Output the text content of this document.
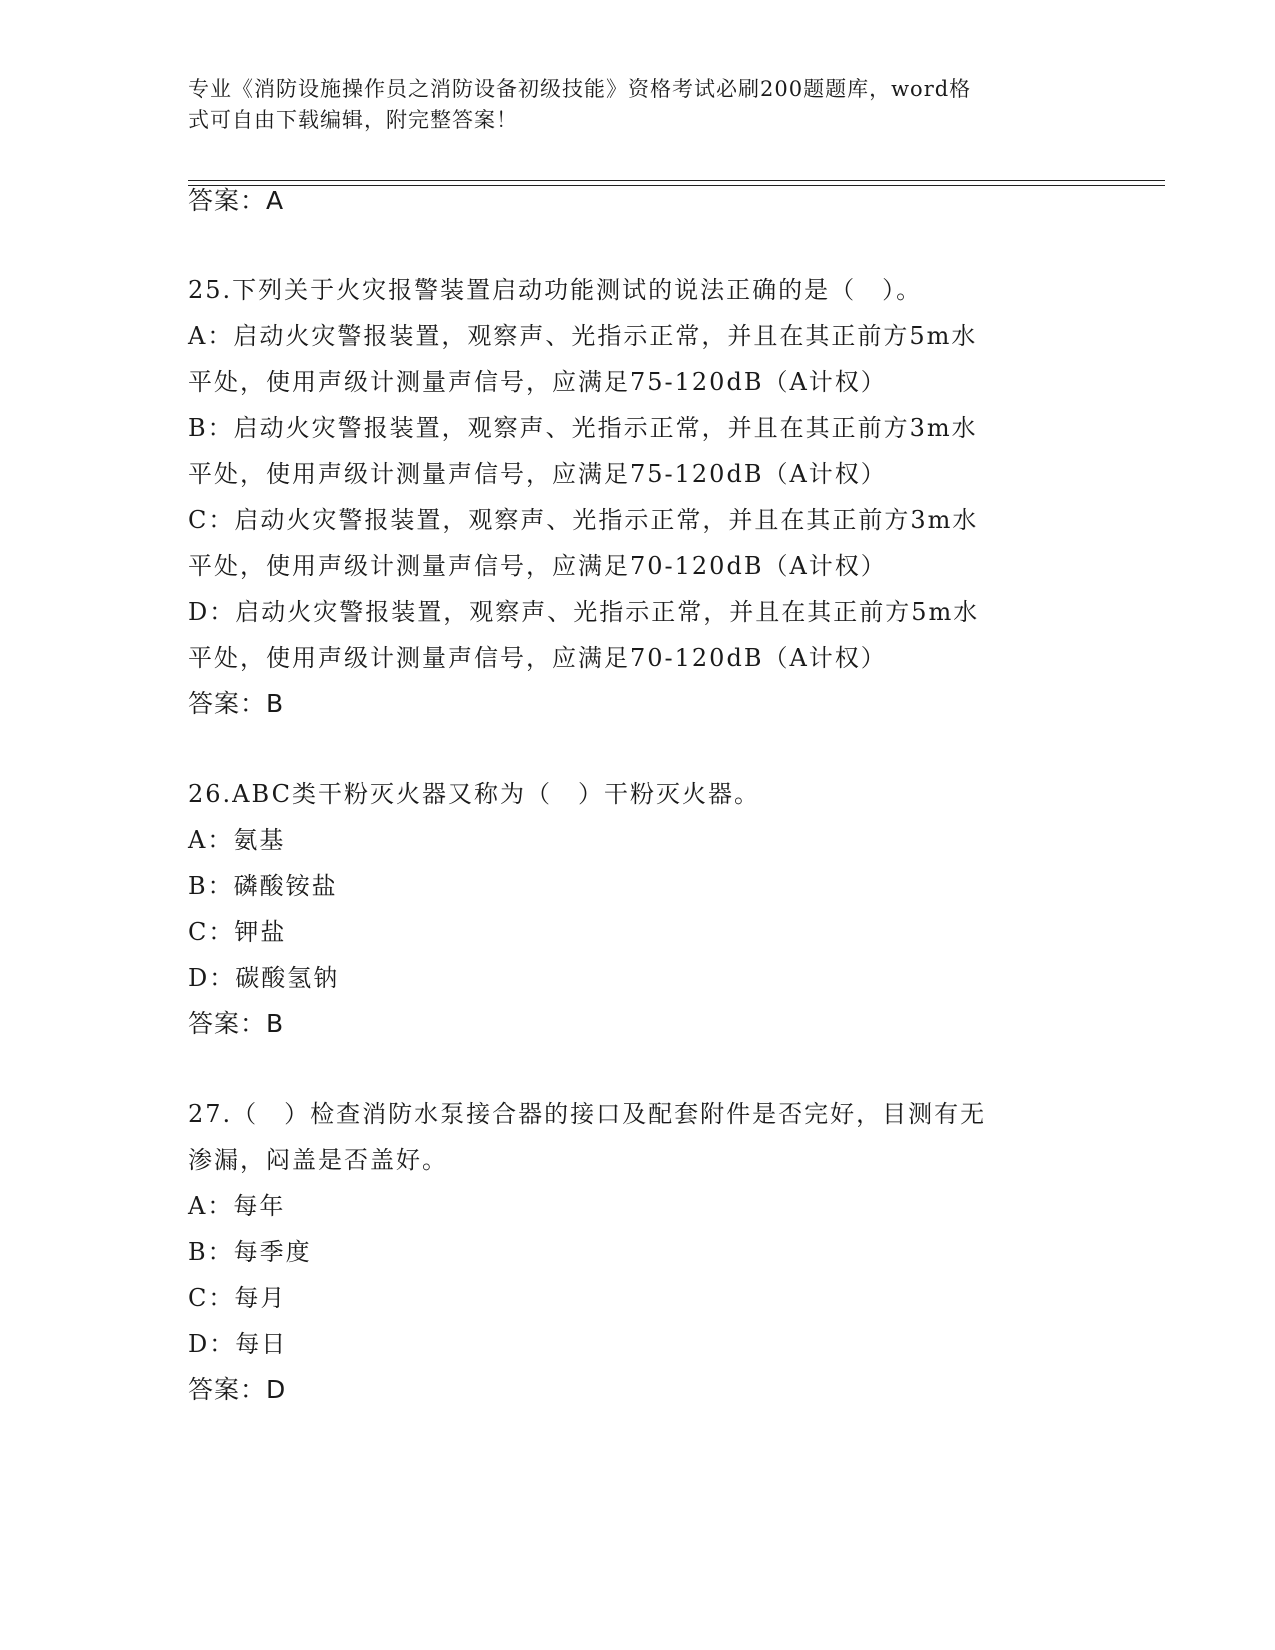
专业《消防设施操作员之消防设备初级技能》资格考试必刷200题题库，word格
式可自由下载编辑，附完整答案！
答案：A
25.下列关于火灾报警装置启动功能测试的说法正确的是（　）。
A：启动火灾警报装置，观察声、光指示正常，并且在其正前方5m水
平处，使用声级计测量声信号，应满足75-120dB（A计权）
B：启动火灾警报装置，观察声、光指示正常，并且在其正前方3m水
平处，使用声级计测量声信号，应满足75-120dB（A计权）
C：启动火灾警报装置，观察声、光指示正常，并且在其正前方3m水
平处，使用声级计测量声信号，应满足70-120dB（A计权）
D：启动火灾警报装置，观察声、光指示正常，并且在其正前方5m水
平处，使用声级计测量声信号，应满足70-120dB（A计权）
答案：B
26.ABC类干粉灭火器又称为（　）干粉灭火器。
A：氨基
B：磷酸铵盐
C：钾盐
D：碳酸氢钠
答案：B
27.（　）检查消防水泵接合器的接口及配套附件是否完好，目测有无
渗漏，闷盖是否盖好。
A：每年
B：每季度
C：每月
D：每日
答案：D
